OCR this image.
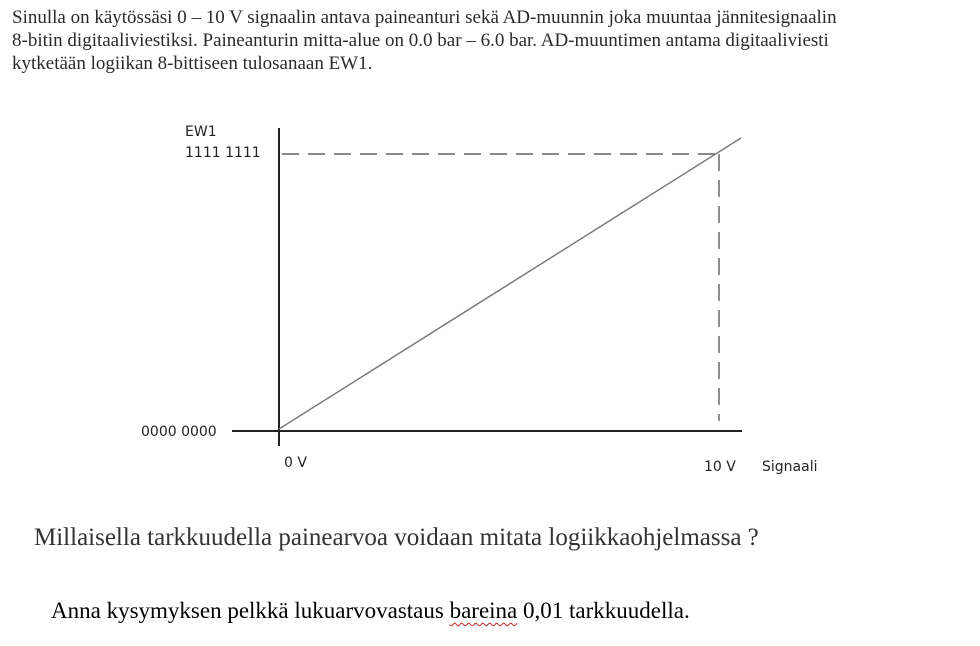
Sinulla on käytössäsi 0 – 10 V signaalin antava paineanturi sekä AD-muunnin joka muuntaa jännitesignaalin
8-bitin digitaaliviestiksi. Paineanturin mitta-alue on 0.0 bar – 6.0 bar. AD-muuntimen antama digitaaliviesti
kytketään logiikan 8-bittiseen tulosanaan EW1.
EW1
1111 1111
0000 0000
0 V	10 V Signaali
Millaisella tarkkuudella painearvoa voidaan mitata logiikkaohjelmassa ?
Anna kysymyksen pelkkä lukuarvovastaus bareina 0,01 tarkkuudella.
